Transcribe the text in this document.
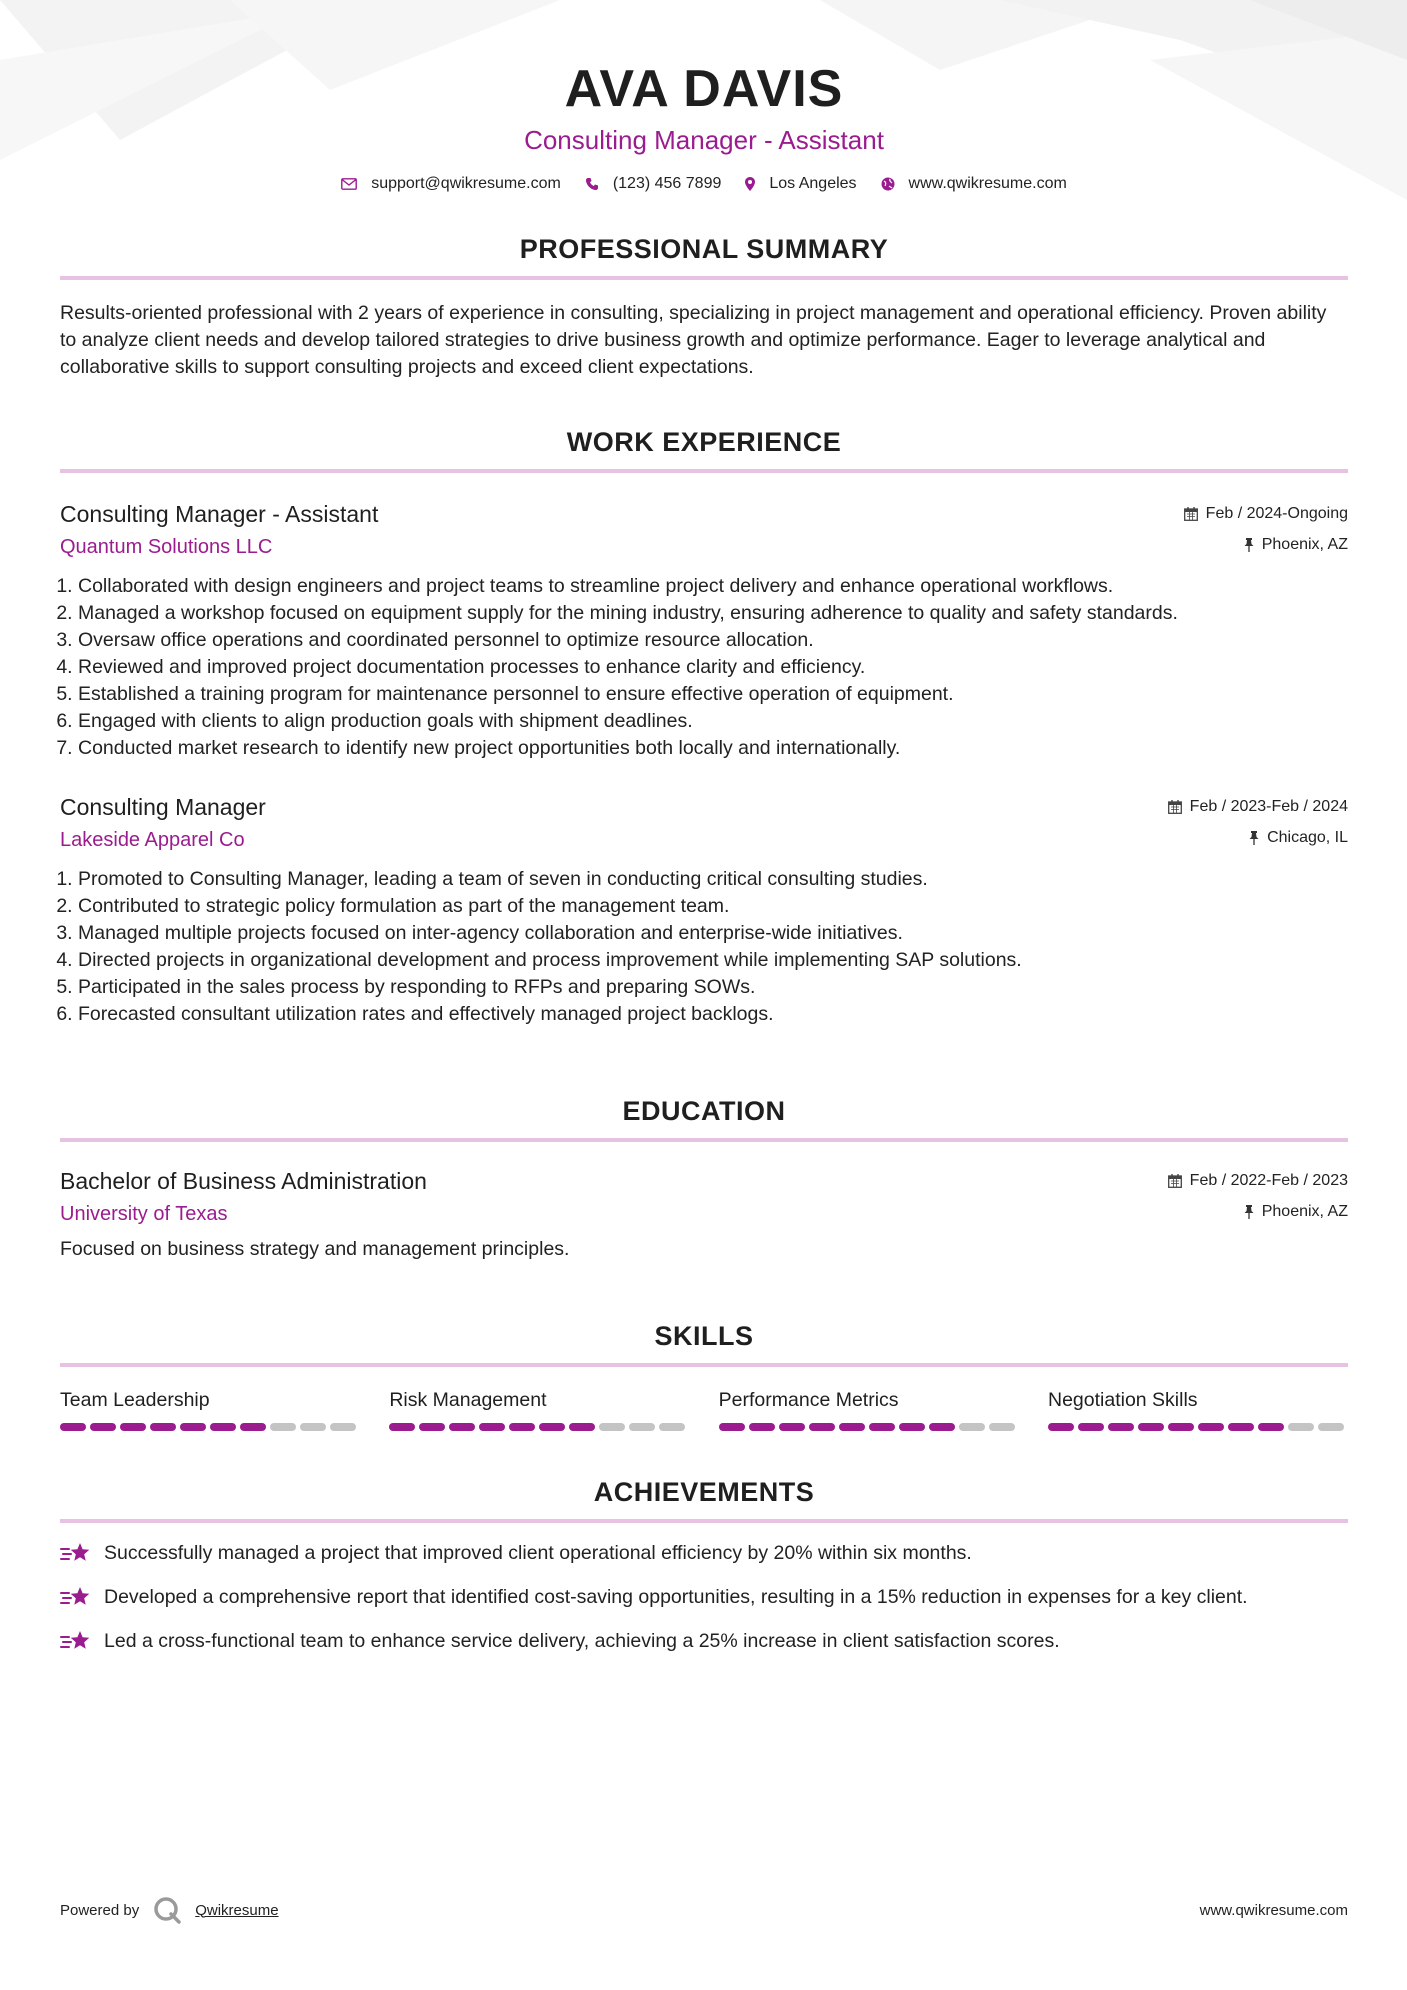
AVA DAVIS
Consulting Manager - Assistant
support@qwikresume.com	(123) 456 7899	Los Angeles	www.qwikresume.com
PROFESSIONAL SUMMARY
Results-oriented professional with 2 years of experience in consulting, specializing in project management and operational efficiency. Proven ability to analyze client needs and develop tailored strategies to drive business growth and optimize performance. Eager to leverage analytical and collaborative skills to support consulting projects and exceed client expectations.
WORK EXPERIENCE
Consulting Manager - Assistant	Feb / 2024-Ongoing
Quantum Solutions LLC	Phoenix, AZ
1. Collaborated with design engineers and project teams to streamline project delivery and enhance operational workflows.
2. Managed a workshop focused on equipment supply for the mining industry, ensuring adherence to quality and safety standards.
3. Oversaw office operations and coordinated personnel to optimize resource allocation.
4. Reviewed and improved project documentation processes to enhance clarity and efficiency.
5. Established a training program for maintenance personnel to ensure effective operation of equipment.
6. Engaged with clients to align production goals with shipment deadlines.
7. Conducted market research to identify new project opportunities both locally and internationally.
Consulting Manager	Feb / 2023-Feb / 2024
Lakeside Apparel Co	Chicago, IL
1. Promoted to Consulting Manager, leading a team of seven in conducting critical consulting studies.
2. Contributed to strategic policy formulation as part of the management team.
3. Managed multiple projects focused on inter-agency collaboration and enterprise-wide initiatives.
4. Directed projects in organizational development and process improvement while implementing SAP solutions.
5. Participated in the sales process by responding to RFPs and preparing SOWs.
6. Forecasted consultant utilization rates and effectively managed project backlogs.
EDUCATION
Bachelor of Business Administration	Feb / 2022-Feb / 2023
University of Texas	Phoenix, AZ
Focused on business strategy and management principles.
SKILLS
Team Leadership	Risk Management	Performance Metrics	Negotiation Skills
ACHIEVEMENTS
Successfully managed a project that improved client operational efficiency by 20% within six months.
Developed a comprehensive report that identified cost-saving opportunities, resulting in a 15% reduction in expenses for a key client.
Led a cross-functional team to enhance service delivery, achieving a 25% increase in client satisfaction scores.
Powered by	Qwikresume	www.qwikresume.com
